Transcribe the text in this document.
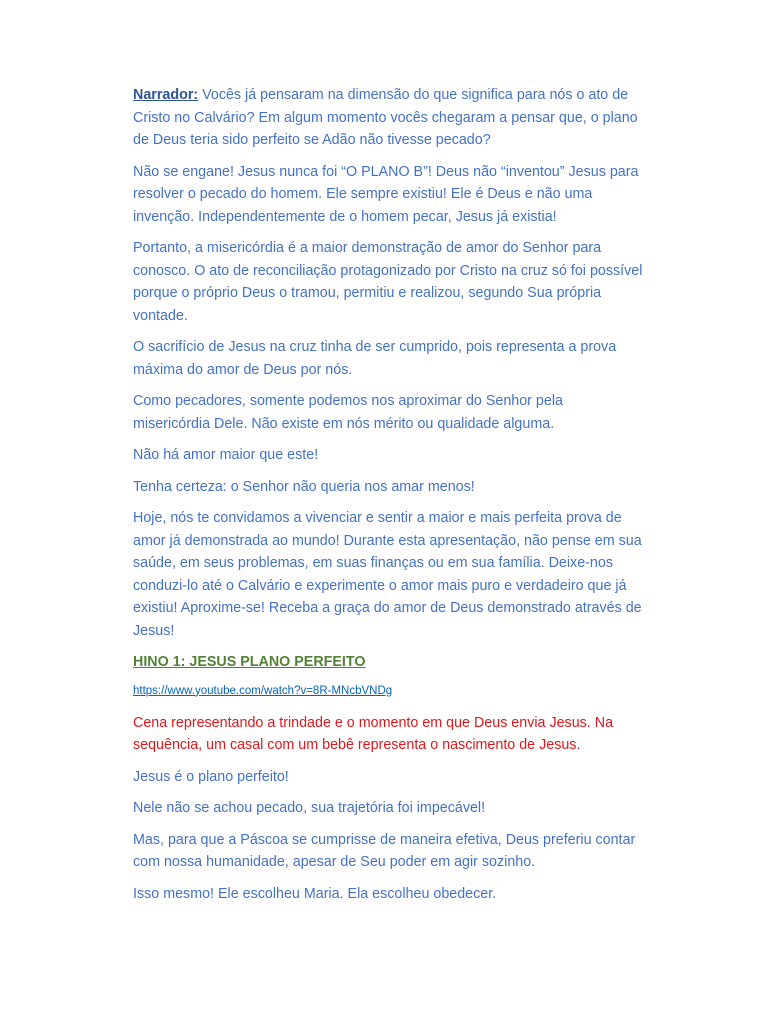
Narrador: Vocês já pensaram na dimensão do que significa para nós o ato de Cristo no Calvário? Em algum momento vocês chegaram a pensar que, o plano de Deus teria sido perfeito se Adão não tivesse pecado?

Não se engane! Jesus nunca foi “O PLANO B”! Deus não “inventou” Jesus para resolver o pecado do homem. Ele sempre existiu! Ele é Deus e não uma invenção. Independentemente de o homem pecar, Jesus já existia!

Portanto, a misericórdia é a maior demonstração de amor do Senhor para conosco. O ato de reconciliação protagonizado por Cristo na cruz só foi possível porque o próprio Deus o tramou, permitiu e realizou, segundo Sua própria vontade.

O sacrifício de Jesus na cruz tinha de ser cumprido, pois representa a prova máxima do amor de Deus por nós.

Como pecadores, somente podemos nos aproximar do Senhor pela misericórdia Dele. Não existe em nós mérito ou qualidade alguma.

Não há amor maior que este!

Tenha certeza: o Senhor não queria nos amar menos!

Hoje, nós te convidamos a vivenciar e sentir a maior e mais perfeita prova de amor já demonstrada ao mundo! Durante esta apresentação, não pense em sua saúde, em seus problemas, em suas finanças ou em sua família. Deixe-nos conduzi-lo até o Calvário e experimente o amor mais puro e verdadeiro que já existiu! Aproxime-se! Receba a graça do amor de Deus demonstrado através de Jesus!

HINO 1: JESUS PLANO PERFEITO

https://www.youtube.com/watch?v=8R-MNcbVNDg

Cena representando a trindade e o momento em que Deus envia Jesus. Na sequência, um casal com um bebê representa o nascimento de Jesus.

Jesus é o plano perfeito!

Nele não se achou pecado, sua trajetória foi impecável!

Mas, para que a Páscoa se cumprisse de maneira efetiva, Deus preferiu contar com nossa humanidade, apesar de Seu poder em agir sozinho.

Isso mesmo! Ele escolheu Maria. Ela escolheu obedecer.
